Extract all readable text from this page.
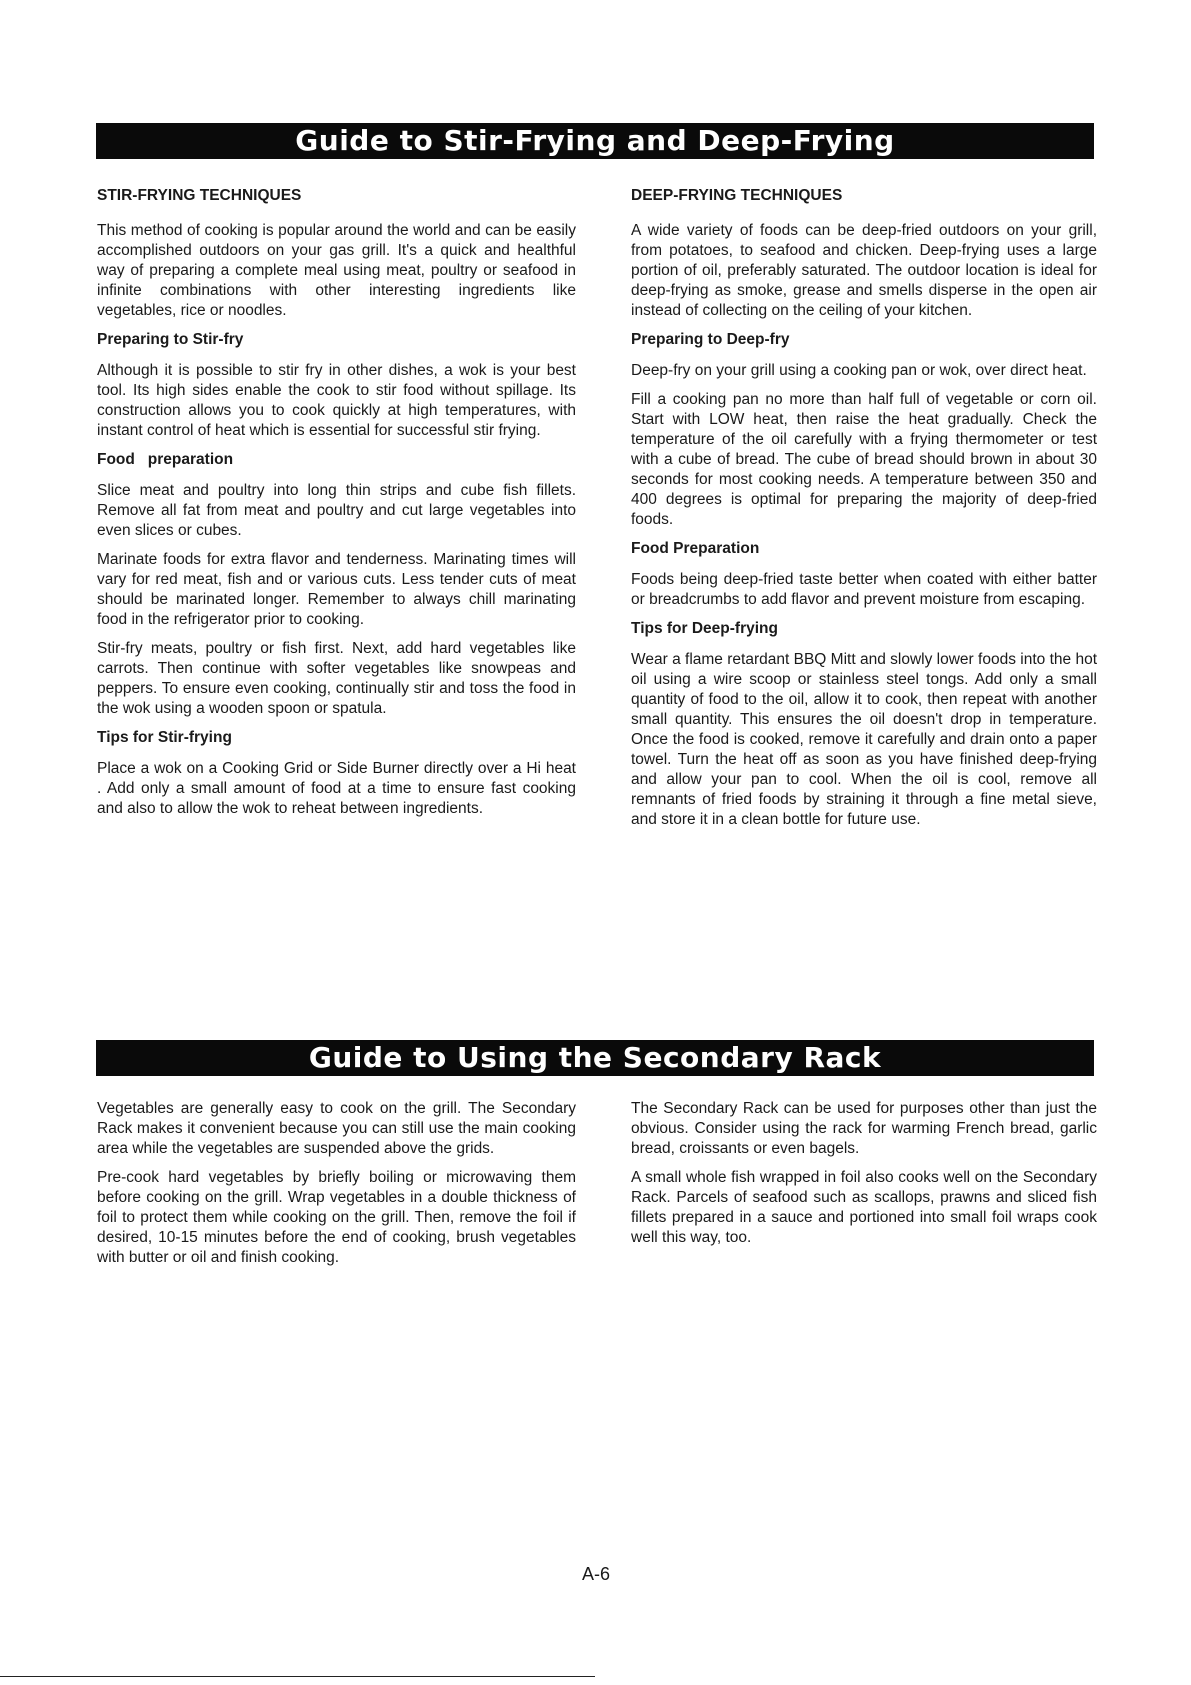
Guide to Stir-Frying and Deep-Frying
STIR-FRYING TECHNIQUES

This method of cooking is popular around the world and can be easily accomplished outdoors on your gas grill. It's a quick and healthful way of preparing a complete meal using meat, poultry or seafood in infinite combinations with other interesting ingredients like vegetables, rice or noodles.

Preparing to Stir-fry

Although it is possible to stir fry in other dishes, a wok is your best tool. Its high sides enable the cook to stir food without spillage. Its construction allows you to cook quickly at high temperatures, with instant control of heat which is essential for successful stir frying.

Food   preparation

Slice meat and poultry into long thin strips and cube fish fillets. Remove all fat from meat and poultry and cut large vegetables into even slices or cubes.

Marinate foods for extra flavor and tenderness. Marinating times will vary for red meat, fish and or various cuts. Less tender cuts of meat should be marinated longer. Remember to always chill marinating food in the refrigerator prior to cooking.

Stir-fry meats, poultry or fish first. Next, add hard vegetables like carrots. Then continue with softer vegetables like snowpeas and peppers. To ensure even cooking, continually stir and toss the food in the wok using a wooden spoon or spatula.

Tips for Stir-frying

Place a wok on a Cooking Grid or Side Burner directly over a Hi heat . Add only a small amount of food at a time to ensure fast cooking and also to allow the wok to reheat between ingredients.

DEEP-FRYING TECHNIQUES

A wide variety of foods can be deep-fried outdoors on your grill, from potatoes, to seafood and chicken. Deep-frying uses a large portion of oil, preferably saturated. The outdoor location is ideal for deep-frying as smoke, grease and smells disperse in the open air instead of collecting on the ceiling of your kitchen.

Preparing to Deep-fry

Deep-fry on your grill using a cooking pan or wok, over direct heat.

Fill a cooking pan no more than half full of vegetable or corn oil. Start with LOW heat, then raise the heat gradually. Check the temperature of the oil carefully with a frying thermometer or test with a cube of bread. The cube of bread should brown in about 30 seconds for most cooking needs. A temperature between 350 and 400 degrees is optimal for preparing the majority of deep-fried foods.

Food Preparation

Foods being deep-fried taste better when coated with either batter or breadcrumbs to add flavor and prevent moisture from escaping.

Tips for Deep-frying

Wear a flame retardant BBQ Mitt and slowly lower foods into the hot oil using a wire scoop or stainless steel tongs. Add only a small quantity of food to the oil, allow it to cook, then repeat with another small quantity. This ensures the oil doesn't drop in temperature. Once the food is cooked, remove it carefully and drain onto a paper towel. Turn the heat off as soon as you have finished deep-frying and allow your pan to cool. When the oil is cool, remove all remnants of fried foods by straining it through a fine metal sieve, and store it in a clean bottle for future use.

Guide to Using the Secondary Rack

Vegetables are generally easy to cook on the grill. The Secondary Rack makes it convenient because you can still use the main cooking area while the vegetables are suspended above the grids.

Pre-cook hard vegetables by briefly boiling or microwaving them before cooking on the grill. Wrap vegetables in a double thickness of foil to protect them while cooking on the grill. Then, remove the foil if desired, 10-15 minutes before the end of cooking, brush vegetables with butter or oil and finish cooking.

The Secondary Rack can be used for purposes other than just the obvious. Consider using the rack for warming French bread, garlic bread, croissants or even bagels.

A small whole fish wrapped in foil also cooks well on the Secondary Rack. Parcels of seafood such as scallops, prawns and sliced fish fillets prepared in a sauce and portioned into small foil wraps cook well this way, too.

A-6
